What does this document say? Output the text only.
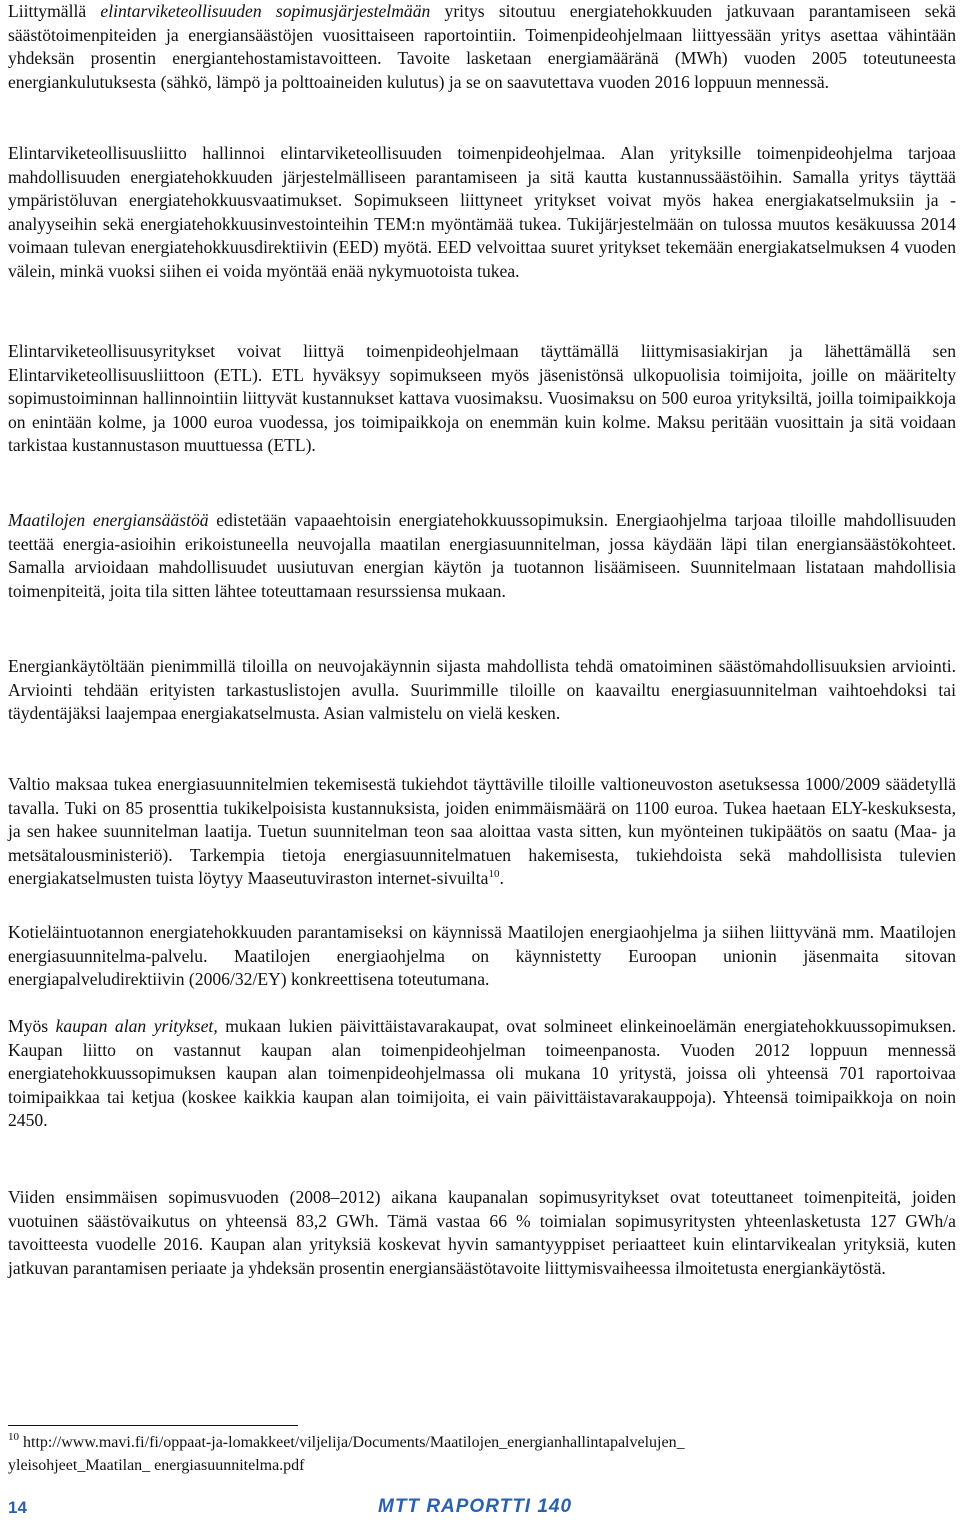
Liittymällä elintarviketeollisuuden sopimusjärjestelmään yritys sitoutuu energiatehokkuuden jatkuvaan parantamiseen sekä säästötoimenpiteiden ja energiansäästöjen vuosittaiseen raportointiin. Toimenpideohjelmaan liittyessään yritys asettaa vähintään yhdeksän prosentin energiantehostamistavoitteen. Tavoite lasketaan energiamääränä (MWh) vuoden 2005 toteutuneesta energiankulutuksesta (sähkö, lämpö ja polttoaineiden kulutus) ja se on saavutettava vuoden 2016 loppuun mennessä.

Elintarviketeollisuusliitto hallinnoi elintarviketeollisuuden toimenpideohjelmaa. Alan yrityksille toimenpideohjelma tarjoaa mahdollisuuden energiatehokkuuden järjestelmälliseen parantamiseen ja sitä kautta kustannussäästöihin. Samalla yritys täyttää ympäristöluvan energiatehokkuusvaatimukset. Sopimukseen liittyneet yritykset voivat myös hakea energiakatselmuksiin ja -analyyseihin sekä energiatehokkuusinvestointeihin TEM:n myöntämää tukea. Tukijärjestelmään on tulossa muutos kesäkuussa 2014 voimaan tulevan energiatehokkuusdirektiivin (EED) myötä. EED velvoittaa suuret yritykset tekemään energiakatselmuksen 4 vuoden välein, minkä vuoksi siihen ei voida myöntää enää nykymuotoista tukea.

Elintarviketeollisuusyritykset voivat liittyä toimenpideohjelmaan täyttämällä liittymisasiakirjan ja lähettämällä sen Elintarviketeollisuusliittoon (ETL). ETL hyväksyy sopimukseen myös jäsenistönsä ulkopuolisia toimijoita, joille on määritelty sopimustoiminnan hallinnointiin liittyvät kustannukset kattava vuosimaksu. Vuosimaksu on 500 euroa yrityksiltä, joilla toimipaikkoja on enintään kolme, ja 1000 euroa vuodessa, jos toimipaikkoja on enemmän kuin kolme. Maksu peritään vuosittain ja sitä voidaan tarkistaa kustannustason muuttuessa (ETL).

Maatilojen energiansäästöä edistetään vapaaehtoisin energiatehokkuussopimuksin. Energiaohjelma tarjoaa tiloille mahdollisuuden teettää energia-asioihin erikoistuneella neuvojalla maatilan energiasuunnitelman, jossa käydään läpi tilan energiansäästökohteet. Samalla arvioidaan mahdollisuudet uusiutuvan energian käytön ja tuotannon lisäämiseen. Suunnitelmaan listataan mahdollisia toimenpiteitä, joita tila sitten lähtee toteuttamaan resurssiensa mukaan.

Energiankäytöltään pienimmillä tiloilla on neuvojakäynnin sijasta mahdollista tehdä omatoiminen säästömahdollisuuksien arviointi. Arviointi tehdään erityisten tarkastuslistojen avulla. Suurimmille tiloille on kaavailtu energiasuunnitelman vaihtoehdoksi tai täydentäjäksi laajempaa energiakatselmusta. Asian valmistelu on vielä kesken.

Valtio maksaa tukea energiasuunnitelmien tekemisestä tukiehdot täyttäville tiloille valtioneuvoston asetuksessa 1000/2009 säädetyllä tavalla. Tuki on 85 prosenttia tukikelpoisista kustannuksista, joiden enimmäismäärä on 1100 euroa. Tukea haetaan ELY-keskuksesta, ja sen hakee suunnitelman laatija. Tuetun suunnitelman teon saa aloittaa vasta sitten, kun myönteinen tukipäätös on saatu (Maa- ja metsätalousministeriö). Tarkempia tietoja energiasuunnitelmatuen hakemisesta, tukiehdoista sekä mahdollisista tulevien energiakatselmusten tuista löytyy Maaseutuviraston internet-sivuilta$^{10}$.

Kotieläintuotannon energiatehokkuuden parantamiseksi on käynnissä Maatilojen energiaohjelma ja siihen liittyvänä mm. Maatilojen energiasuunnitelma-palvelu. Maatilojen energiaohjelma on käynnistetty Euroopan unionin jäsenmaita sitovan energiapalveludirektiivin (2006/32/EY) konkreettisena toteutumana.

Myös kaupan alan yritykset, mukaan lukien päivittäistavarakaupat, ovat solmineet elinkeinoelämän energiatehokkuussopimuksen. Kaupan liitto on vastannut kaupan alan toimenpideohjelman toimeenpanosta. Vuoden 2012 loppuun mennessä energiatehokkuussopimuksen kaupan alan toimenpideohjelmassa oli mukana 10 yritystä, joissa oli yhteensä 701 raportoivaa toimipaikkaa tai ketjua (koskee kaikkia kaupan alan toimijoita, ei vain päivittäistavarakauppoja). Yhteensä toimipaikkoja on noin 2450.

Viiden ensimmäisen sopimusvuoden (2008–2012) aikana kaupanalan sopimusyritykset ovat toteuttaneet toimenpiteitä, joiden vuotuinen säästövaikutus on yhteensä 83,2 GWh. Tämä vastaa 66 % toimialan sopimusyritysten yhteenlasketusta 127 GWh/a tavoitteesta vuodelle 2016. Kaupan alan yrityksiä koskevat hyvin samantyyppiset periaatteet kuin elintarvikealan yrityksiä, kuten jatkuvan parantamisen periaate ja yhdeksän prosentin energiansäästötavoite liittymisvaiheessa ilmoitetusta energiankäytöstä.

$^{10}$ http://www.mavi.fi/fi/oppaat-ja-lomakkeet/viljelija/Documents/Maatilojen_energianhallintapalvelujen_
yleisohjeet_Maatilan_ energiasuunnitelma.pdf
14	MTT RAPORTTI 140
